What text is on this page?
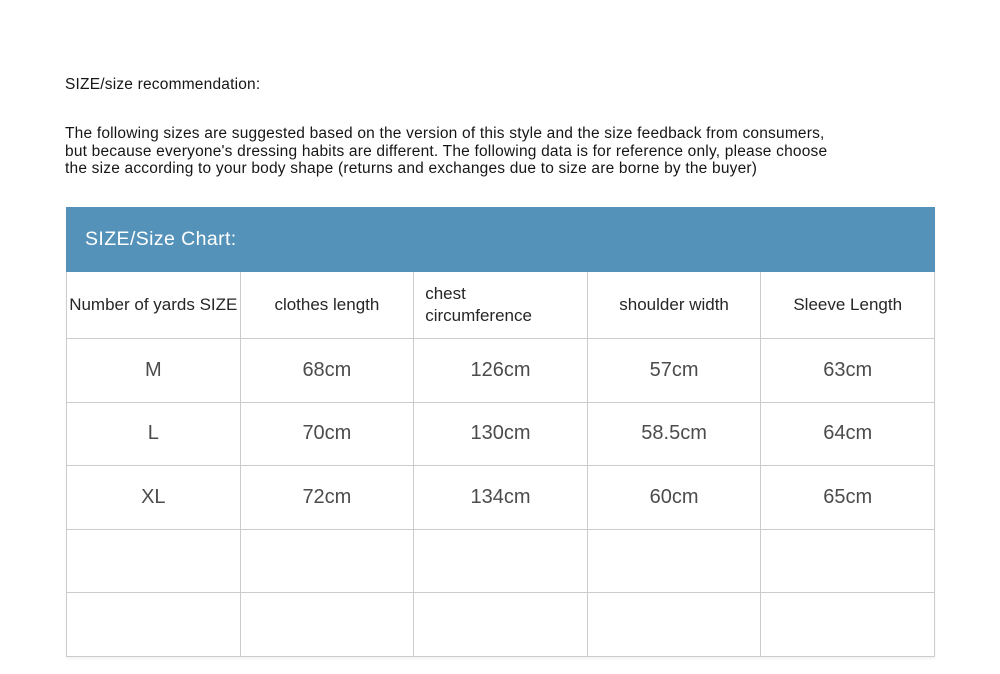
SIZE/size recommendation:
The following sizes are suggested based on the version of this style and the size feedback from consumers,
but because everyone's dressing habits are different. The following data is for reference only, please choose
the size according to your body shape (returns and exchanges due to size are borne by the buyer)
SIZE/Size Chart:
Number of yards SIZE	clothes length	chest circumference	shoulder width	Sleeve Length
M	68cm	126cm	57cm	63cm
L	70cm	130cm	58.5cm	64cm
XL	72cm	134cm	60cm	65cm
